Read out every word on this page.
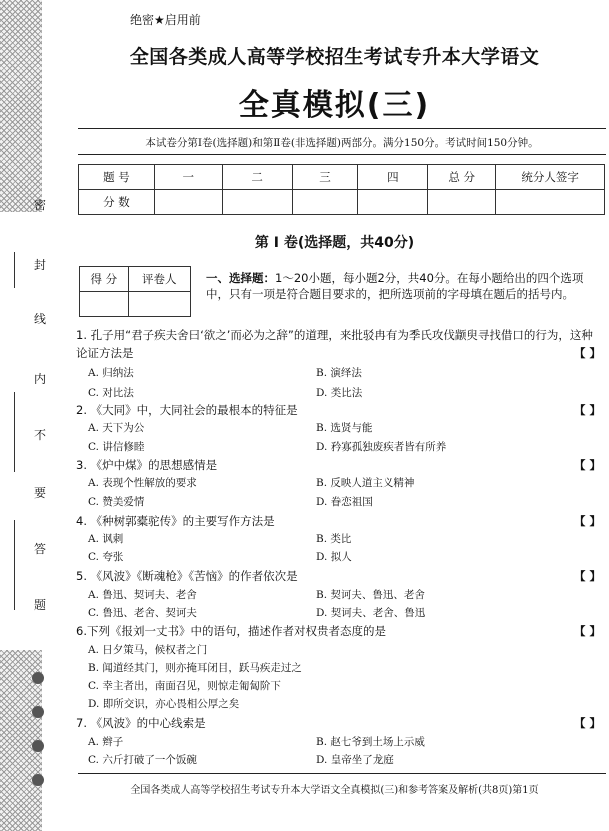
密
封
线
内
不
要
答
题
绝密★启用前
全国各类成人高等学校招生考试专升本大学语文
全真模拟(三)
本试卷分第Ⅰ卷(选择题)和第Ⅱ卷(非选择题)两部分。满分150分。考试时间150分钟。
题 号	一	二	三	四	总 分	统分人签字
分 数						
第 Ⅰ 卷(选择题，共40分)
得 分	评卷人
		一、选择题：1～20小题，每小题2分，共40分。在每小题给出的四个选项中，只有一项是符合题目要求的，把所选项前的字母填在题后的括号内。
1. 孔子用“君子疾夫舍曰‘欲之’而必为之辞”的道理，来批驳冉有为季氏攻伐颛臾寻找借口的行为，这种论证方法是	【 】
A. 归纳法	B. 演绎法
C. 对比法	D. 类比法
2. 《大同》中，大同社会的最根本的特征是	【 】
A. 天下为公	B. 选贤与能
C. 讲信修睦	D. 矜寡孤独废疾者皆有所养
3. 《炉中煤》的思想感情是	【 】
A. 表现个性解放的要求	B. 反映人道主义精神
C. 赞美爱情	D. 眷恋祖国
4. 《种树郭橐驼传》的主要写作方法是	【 】
A. 讽刺	B. 类比
C. 夸张	D. 拟人
5. 《风波》《断魂枪》《苦恼》的作者依次是	【 】
A. 鲁迅、契诃夫、老舍	B. 契诃夫、鲁迅、老舍
C. 鲁迅、老舍、契诃夫	D. 契诃夫、老舍、鲁迅
6.下列《报刘一丈书》中的语句，描述作者对权贵者态度的是	【 】
A. 日夕策马，候权者之门
B. 闻道经其门，则亦掩耳闭目，跃马疾走过之
C. 幸主者出，南面召见，则惊走匍匐阶下
D. 即所交识，亦心畏相公厚之矣
7. 《风波》的中心线索是	【 】
A. 辫子	B. 赵七爷到土场上示威
C. 六斤打破了一个饭碗	D. 皇帝坐了龙庭
全国各类成人高等学校招生考试专升本大学语文全真模拟(三)和参考答案及解析(共8页)第1页
